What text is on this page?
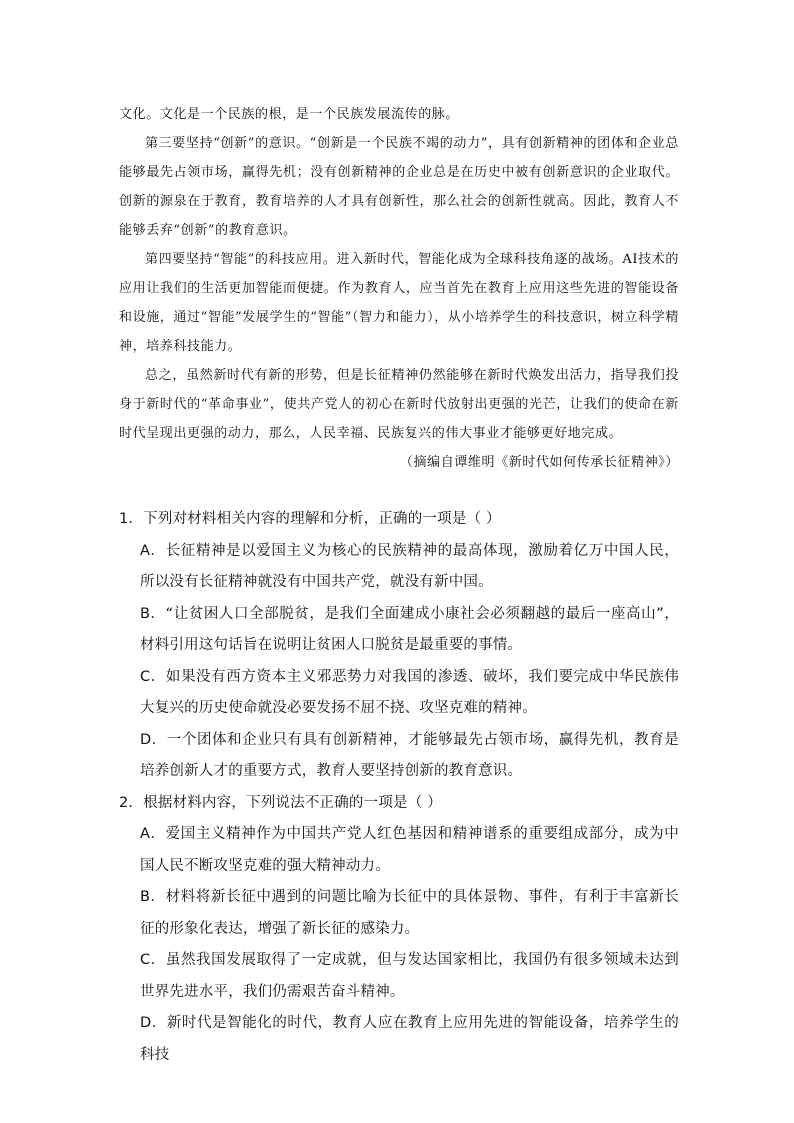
文化。文化是一个民族的根，是一个民族发展流传的脉。

第三要坚持“创新”的意识。“创新是一个民族不竭的动力”，具有创新精神的团体和企业总能够最先占领市场，赢得先机；没有创新精神的企业总是在历史中被有创新意识的企业取代。创新的源泉在于教育，教育培养的人才具有创新性，那么社会的创新性就高。因此，教育人不能够丢弃“创新”的教育意识。

第四要坚持“智能”的科技应用。进入新时代，智能化成为全球科技角逐的战场。AI技术的应用让我们的生活更加智能而便捷。作为教育人，应当首先在教育上应用这些先进的智能设备和设施，通过“智能”发展学生的“智能”（智力和能力），从小培养学生的科技意识，树立科学精神，培养科技能力。

总之，虽然新时代有新的形势，但是长征精神仍然能够在新时代焕发出活力，指导我们投身于新时代的“革命事业”，使共产党人的初心在新时代放射出更强的光芒，让我们的使命在新时代呈现出更强的动力，那么，人民幸福、民族复兴的伟大事业才能够更好地完成。

（摘编自谭维明《新时代如何传承长征精神》）

1．下列对材料相关内容的理解和分析，正确的一项是（ ）

A．长征精神是以爱国主义为核心的民族精神的最高体现，激励着亿万中国人民，所以没有长征精神就没有中国共产党，就没有新中国。

B．“让贫困人口全部脱贫，是我们全面建成小康社会必须翻越的最后一座高山”，材料引用这句话旨在说明让贫困人口脱贫是最重要的事情。

C．如果没有西方资本主义邪恶势力对我国的渗透、破坏，我们要完成中华民族伟大复兴的历史使命就没必要发扬不屈不挠、攻坚克难的精神。

D．一个团体和企业只有具有创新精神，才能够最先占领市场，赢得先机，教育是培养创新人才的重要方式，教育人要坚持创新的教育意识。

2．根据材料内容，下列说法不正确的一项是（ ）

A．爱国主义精神作为中国共产党人红色基因和精神谱系的重要组成部分，成为中国人民不断攻坚克难的强大精神动力。

B．材料将新长征中遇到的问题比喻为长征中的具体景物、事件，有利于丰富新长征的形象化表达，增强了新长征的感染力。

C．虽然我国发展取得了一定成就，但与发达国家相比，我国仍有很多领域未达到世界先进水平，我们仍需艰苦奋斗精神。

D．新时代是智能化的时代，教育人应在教育上应用先进的智能设备，培养学生的科技
